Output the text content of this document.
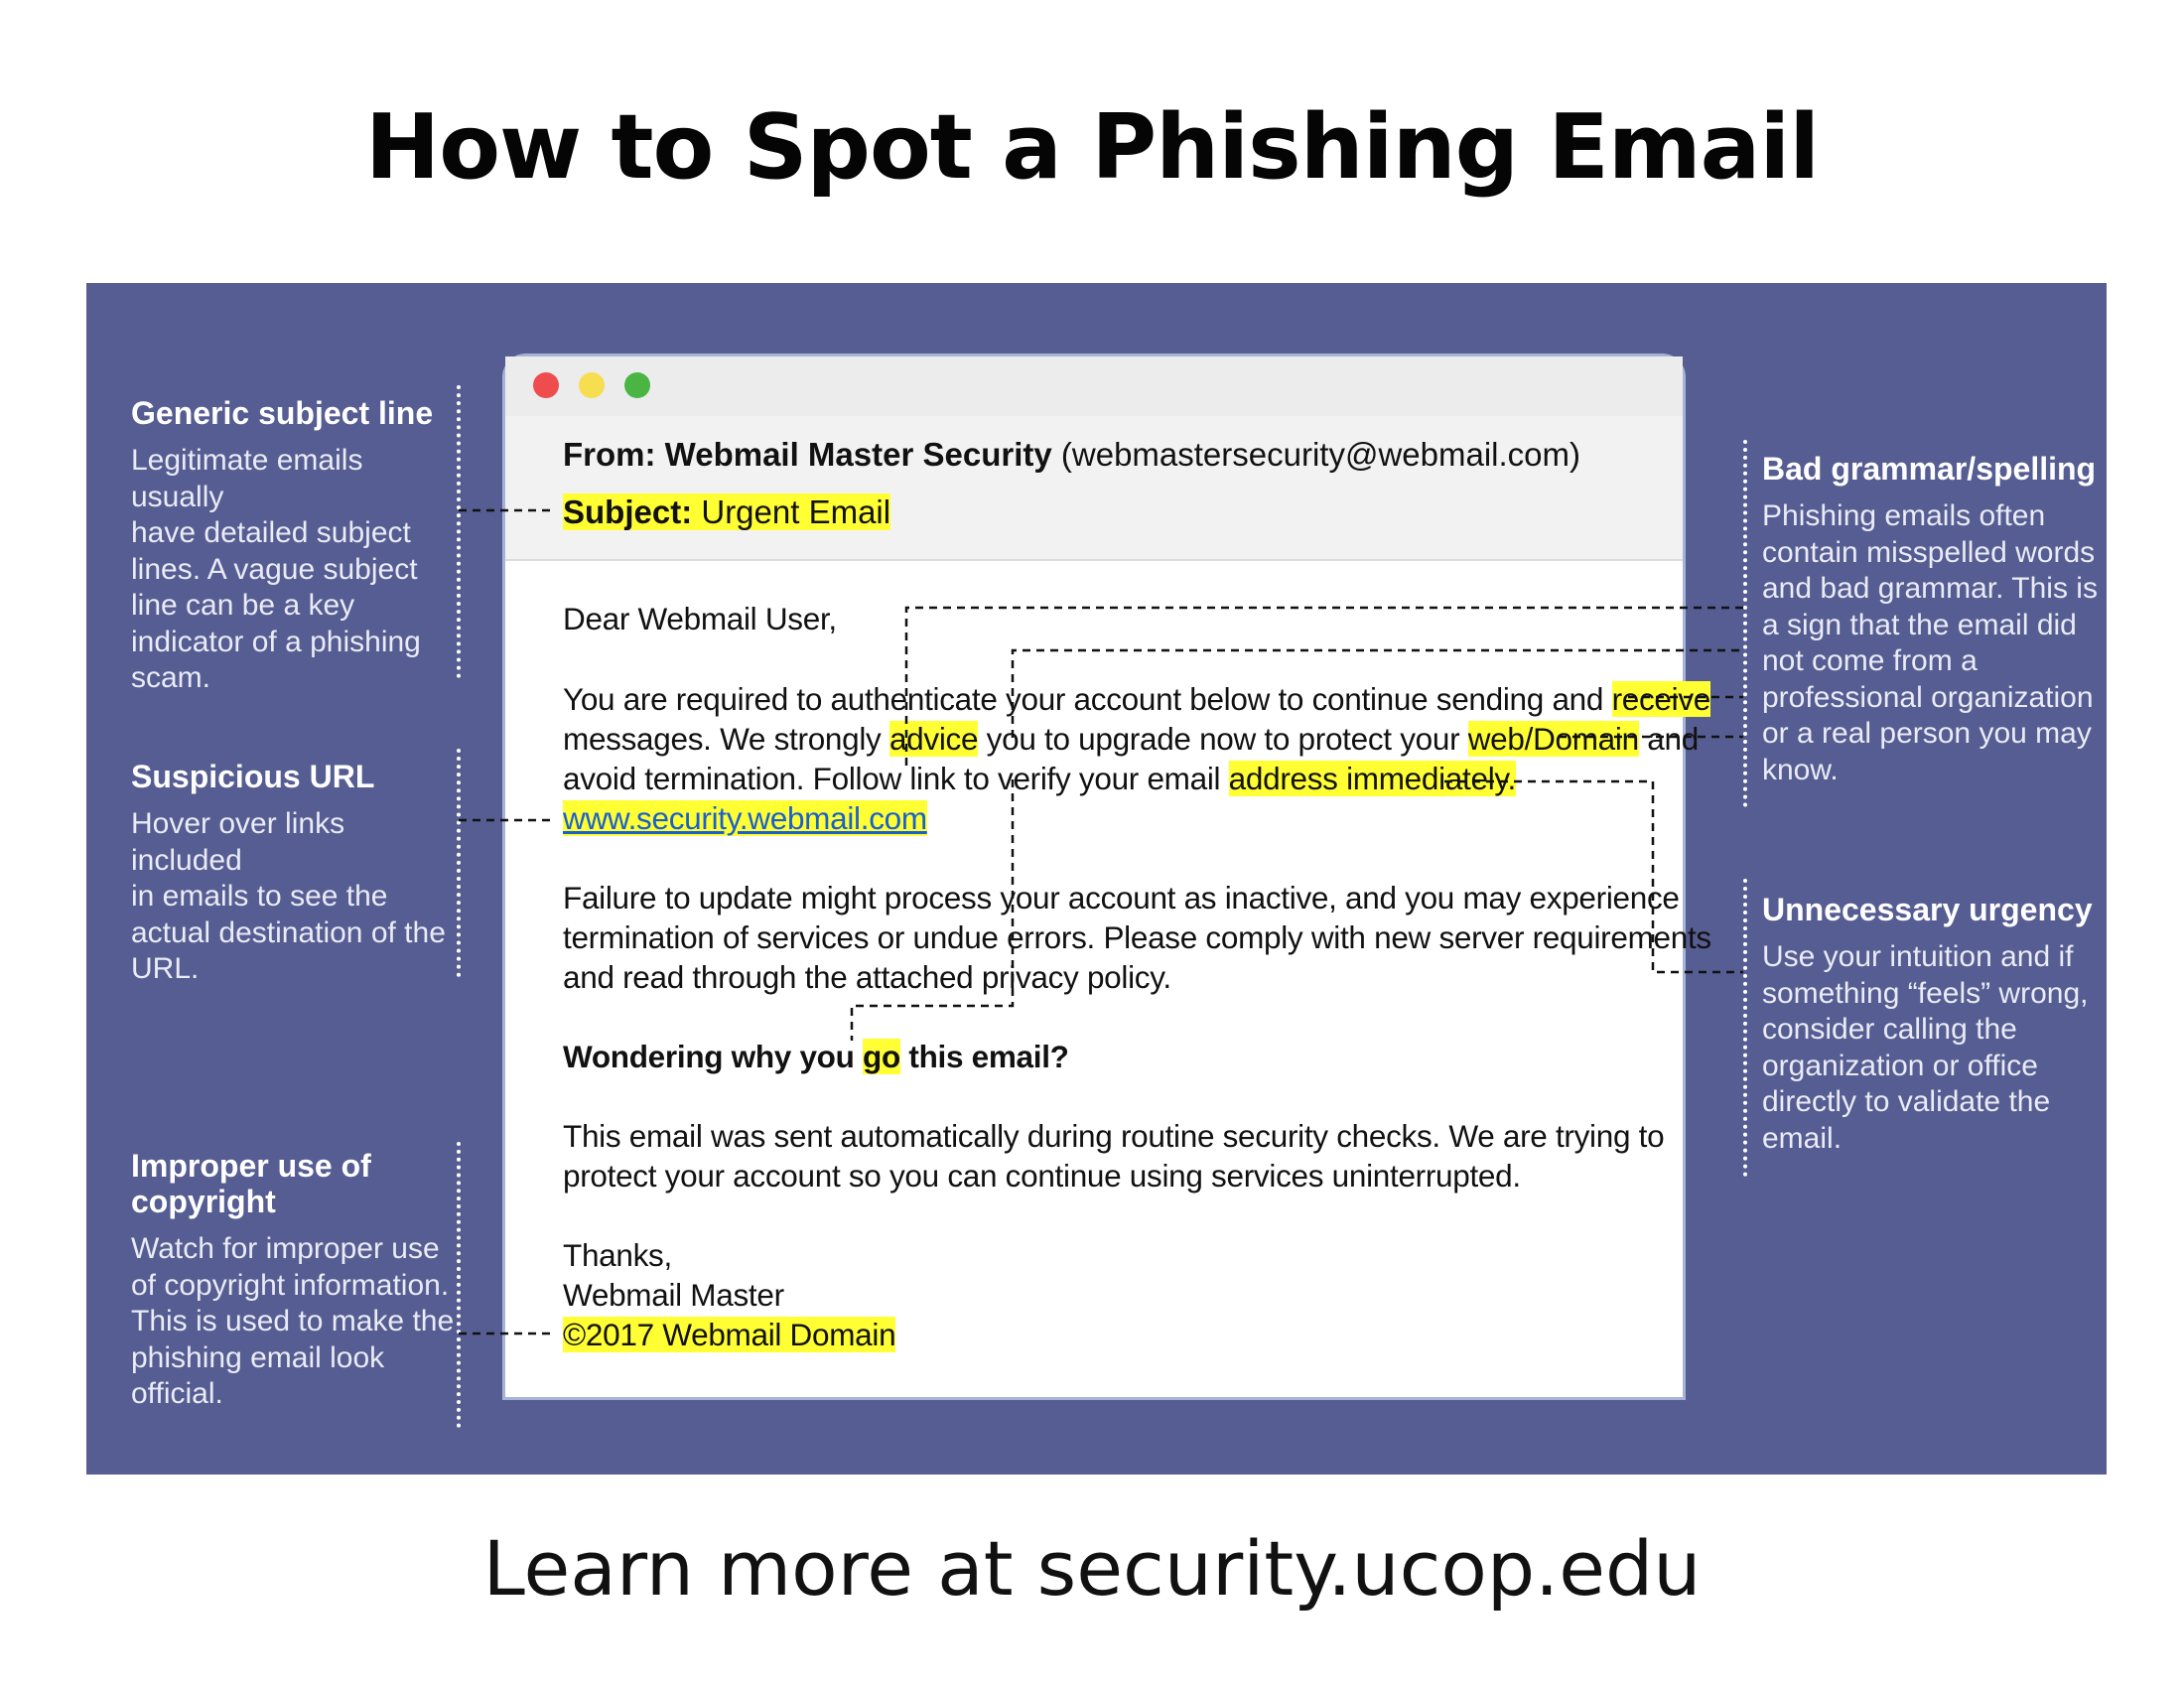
How to Spot a Phishing Email
Generic subject line
Legitimate emails usually
have detailed subject
lines. A vague subject
line can be a key
indicator of a phishing
scam.
Suspicious URL
Hover over links included
in emails to see the
actual destination of the
URL.
Improper use of
copyright
Watch for improper use
of copyright information.
This is used to make the
phishing email look
official.
Bad grammar/spelling
Phishing emails often
contain misspelled words
and bad grammar. This is
a sign that the email did
not come from a
professional organization
or a real person you may
know.
Unnecessary urgency
Use your intuition and if
something “feels” wrong,
consider calling the
organization or office
directly to validate the
email.
From: Webmail Master Security (webmastersecurity@webmail.com)
Subject: Urgent Email
Dear Webmail User,
You are required to authenticate your account below to continue sending and receive
messages. We strongly advice you to upgrade now to protect your web/Domain and
avoid termination. Follow link to verify your email address immediately.
www.security.webmail.com
Failure to update might process your account as inactive, and you may experience
termination of services or undue errors. Please comply with new server requirements
and read through the attached privacy policy.
Wondering why you go this email?
This email was sent automatically during routine security checks. We are trying to
protect your account so you can continue using services uninterrupted.
Thanks,
Webmail Master
©2017 Webmail Domain
Learn more at security.ucop.edu
